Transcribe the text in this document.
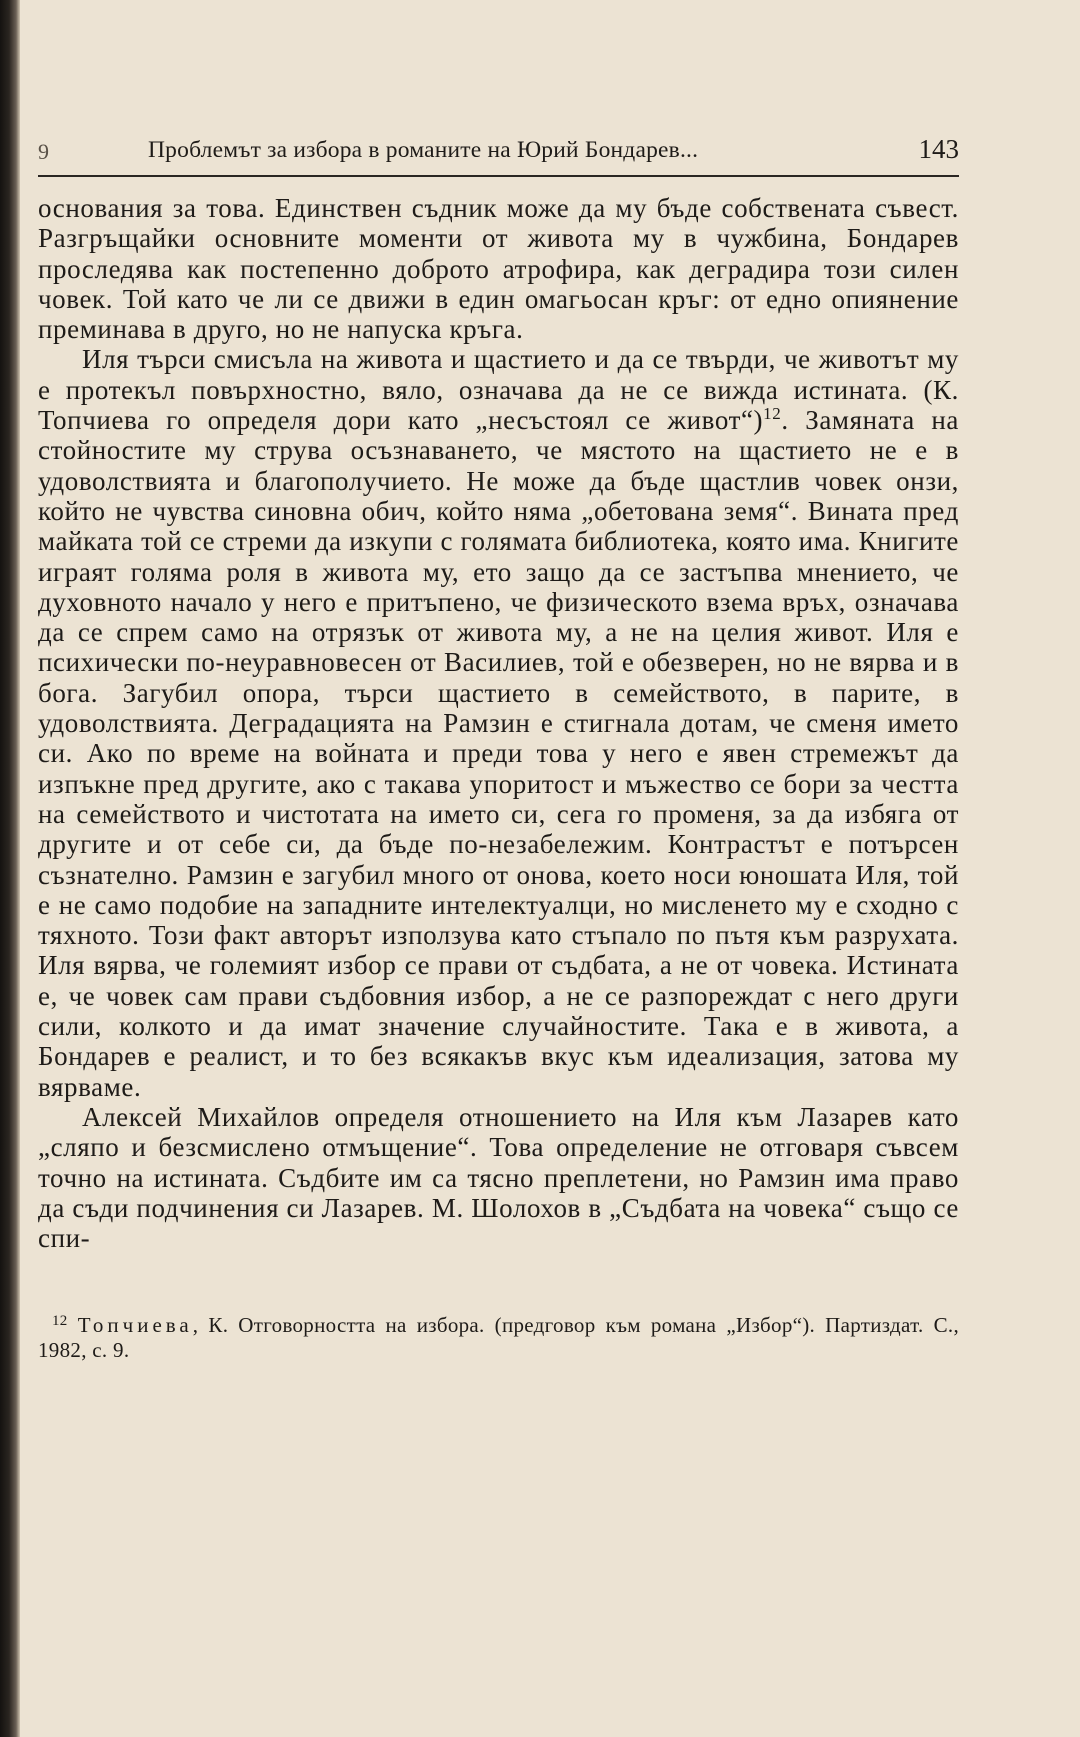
9	Проблемът за избора в романите на Юрий Бондарев...	143

основания за това. Единствен съдник може да му бъде собствената съвест. Разгръщайки основните моменти от живота му в чужбина, Бондарев проследява как постепенно доброто атрофира, как деградира този силен човек. Той като че ли се движи в един омагьосан кръг: от едно опиянение преминава в друго, но не напуска кръга.

Иля търси смисъла на живота и щастието и да се твърди, че животът му е протекъл повърхностно, вяло, означава да не се вижда истината. (К. Топчиева го определя дори като „несъстоял се живот“)$^{12}$. Замяната на стойностите му струва осъзнаването, че мястото на щастието не е в удоволствията и благополучието. Не може да бъде щастлив човек онзи, който не чувства синовна обич, който няма „обетована земя“. Вината пред майката той се стреми да изкупи с голямата библиотека, която има. Книгите играят голяма роля в живота му, ето защо да се застъпва мнението, че духовното начало у него е притъпено, че физическото взема връх, означава да се спрем само на отрязък от живота му, а не на целия живот. Иля е психически по-неуравновесен от Василиев, той е обезверен, но не вярва и в бога. Загубил опора, търси щастието в семейството, в парите, в удоволствията. Деградацията на Рамзин е стигнала дотам, че сменя името си. Ако по време на войната и преди това у него е явен стремежът да изпъкне пред другите, ако с такава упоритост и мъжество се бори за честта на семейството и чистотата на името си, сега го променя, за да избяга от другите и от себе си, да бъде по-незабележим. Контрастът е потърсен съзнателно. Рамзин е загубил много от онова, което носи юношата Иля, той е не само подобие на западните интелектуалци, но мисленето му е сходно с тяхното. Този факт авторът използува като стъпало по пътя към разрухата. Иля вярва, че големият избор се прави от съдбата, а не от човека. Истината е, че човек сам прави съдбовния избор, а не се разпореждат с него други сили, колкото и да имат значение случайностите. Така е в живота, а Бондарев е реалист, и то без всякакъв вкус към идеализация, затова му вярваме.

Алексей Михайлов определя отношението на Иля към Лазарев като „сляпо и безсмислено отмъщение“. Това определение не отговаря съвсем точно на истината. Съдбите им са тясно преплетени, но Рамзин има право да съди подчинения си Лазарев. М. Шолохов в „Съдбата на човека“ също се спи-

$^{12}$ Топчиева, К. Отговорността на избора. (предговор към романа „Избор“). Партиздат. С., 1982, с. 9.
